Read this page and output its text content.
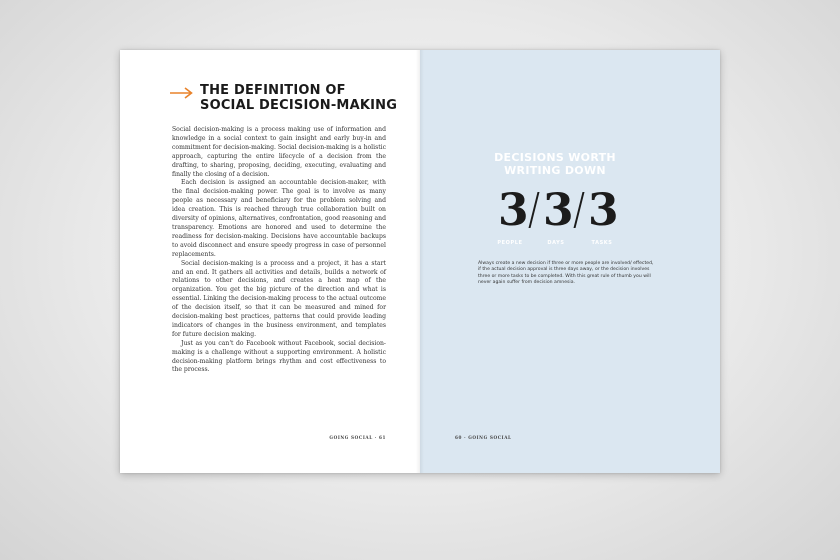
THE DEFINITION OF
SOCIAL DECISION-MAKING

Social decision-making is a process making use of information and knowledge in a social context to gain insight and early buy-in and commitment for decision-making. Social decision-making is a holistic approach, capturing the entire lifecycle of a decision from the drafting, to sharing, proposing, deciding, executing, evaluating and finally the closing of a decision.

Each decision is assigned an accountable decision-maker, with the final decision-making power. The goal is to involve as many people as necessary and beneficiary for the problem solving and idea creation. This is reached through true collaboration built on diversity of opinions, alternatives, confrontation, good reasoning and transparency. Emotions are honored and used to determine the readiness for decision-making. Decisions have accountable backups to avoid disconnect and ensure speedy progress in case of personnel replacements.

Social decision-making is a process and a project, it has a start and an end. It gathers all activities and details, builds a network of relations to other decisions, and creates a heat map of the organization. You get the big picture of the direction and what is essential. Linking the decision-making process to the actual outcome of the decision itself, so that it can be measured and mined for decision-making best practices, patterns that could provide leading indicators of changes in the business environment, and templates for future decision making.

Just as you can't do Facebook without Facebook, social decision-making is a challenge without a supporting environment. A holistic decision-making platform brings rhythm and cost effectiveness to the process.

GOING SOCIAL · 61
DECISIONS WORTH
WRITING DOWN
3 3 3
PEOPLE	DAYS	TASKS
Always create a new decision if three or more people are involved/ effected, if the actual decision approval is three days away, or the decision involves three or more tasks to be completed. With this great rule of thumb you will never again suffer from decision amnesia.
60 · GOING SOCIAL
